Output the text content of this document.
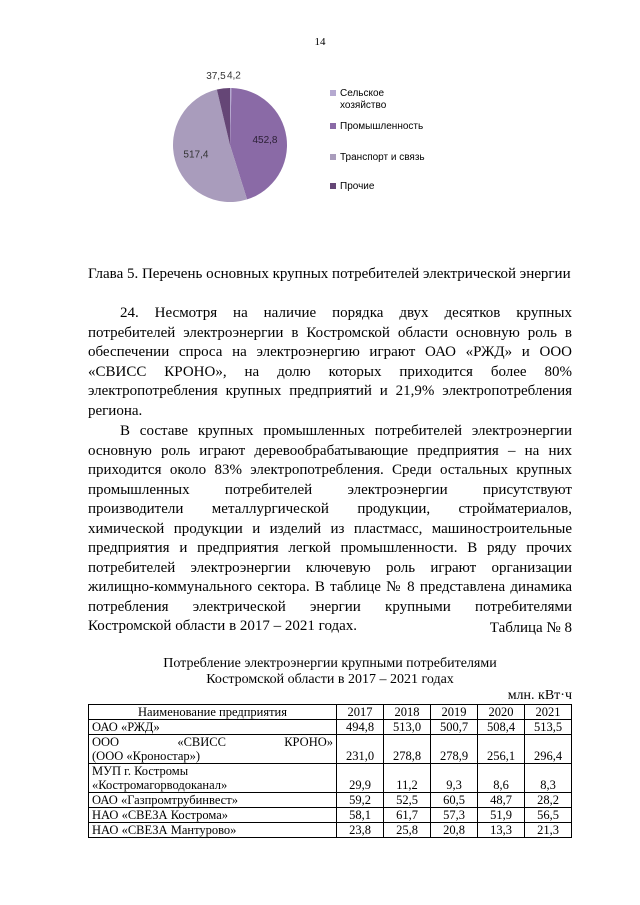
14
4,2
452,8
517,4
37,5
Сельское
хозяйство
Промышленность
Транспорт и связь
Прочие
Глава 5. Перечень основных крупных потребителей электрической энергии
24. Несмотря на наличие порядка двух десятков крупных потребителей электроэнергии в Костромской области основную роль в обеспечении спроса на электроэнергию играют ОАО «РЖД» и ООО «СВИСС КРОНО», на долю которых приходится более 80% электропотребления крупных предприятий и 21,9% электропотребления региона.
В составе крупных промышленных потребителей электроэнергии основную роль играют деревообрабатывающие предприятия – на них приходится около 83% электропотребления. Среди остальных крупных промышленных потребителей электроэнергии присутствуют производители металлургической продукции, стройматериалов, химической продукции и изделий из пластмасс, машиностроительные предприятия и предприятия легкой промышленности. В ряду прочих потребителей электроэнергии ключевую роль играют организации жилищно-коммунального сектора. В таблице № 8 представлена динамика потребления электрической энергии крупными потребителями Костромской области в 2017 – 2021 годах.	Таблица № 8
Потребление электроэнергии крупными потребителями
Костромской области в 2017 – 2021 годах
млн. кВт·ч
Наименование предприятия	2017	2018	2019	2020	2021
ОАО «РЖД»	494,8	513,0	500,7	508,4	513,5

ООО «СВИСС КРОНО»
(ООО «Кроностар»)	231,0	278,8	278,9	256,1	296,4

МУП г. Костромы
«Костромагорводоканал»	29,9	11,2	9,3	8,6	8,3
ОАО «Газпромтрубинвест»	59,2	52,5	60,5	48,7	28,2
НАО «СВЕЗА Кострома»	58,1	61,7	57,3	51,9	56,5
НАО «СВЕЗА Мантурово»	23,8	25,8	20,8	13,3	21,3
